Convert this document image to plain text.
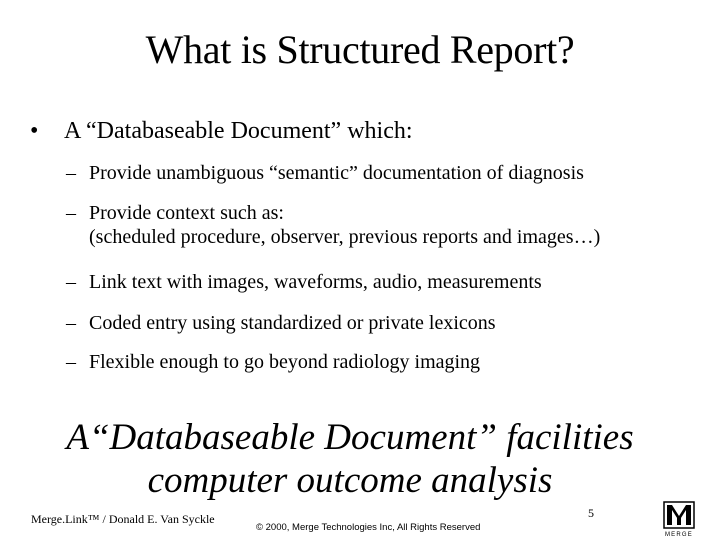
What is Structured Report?
• A “Databaseable Document” which:
– Provide unambiguous “semantic” documentation of diagnosis
– Provide context such as:
(scheduled procedure, observer, previous reports and images…)
– Link text with images, waveforms, audio, measurements
– Coded entry using standardized or private lexicons
– Flexible enough to go beyond radiology imaging
A“Databaseable Document” facilities
computer outcome analysis
Merge.Link™ / Donald E. Van Syckle
© 2000, Merge Technologies Inc, All Rights Reserved
5
MERGE
